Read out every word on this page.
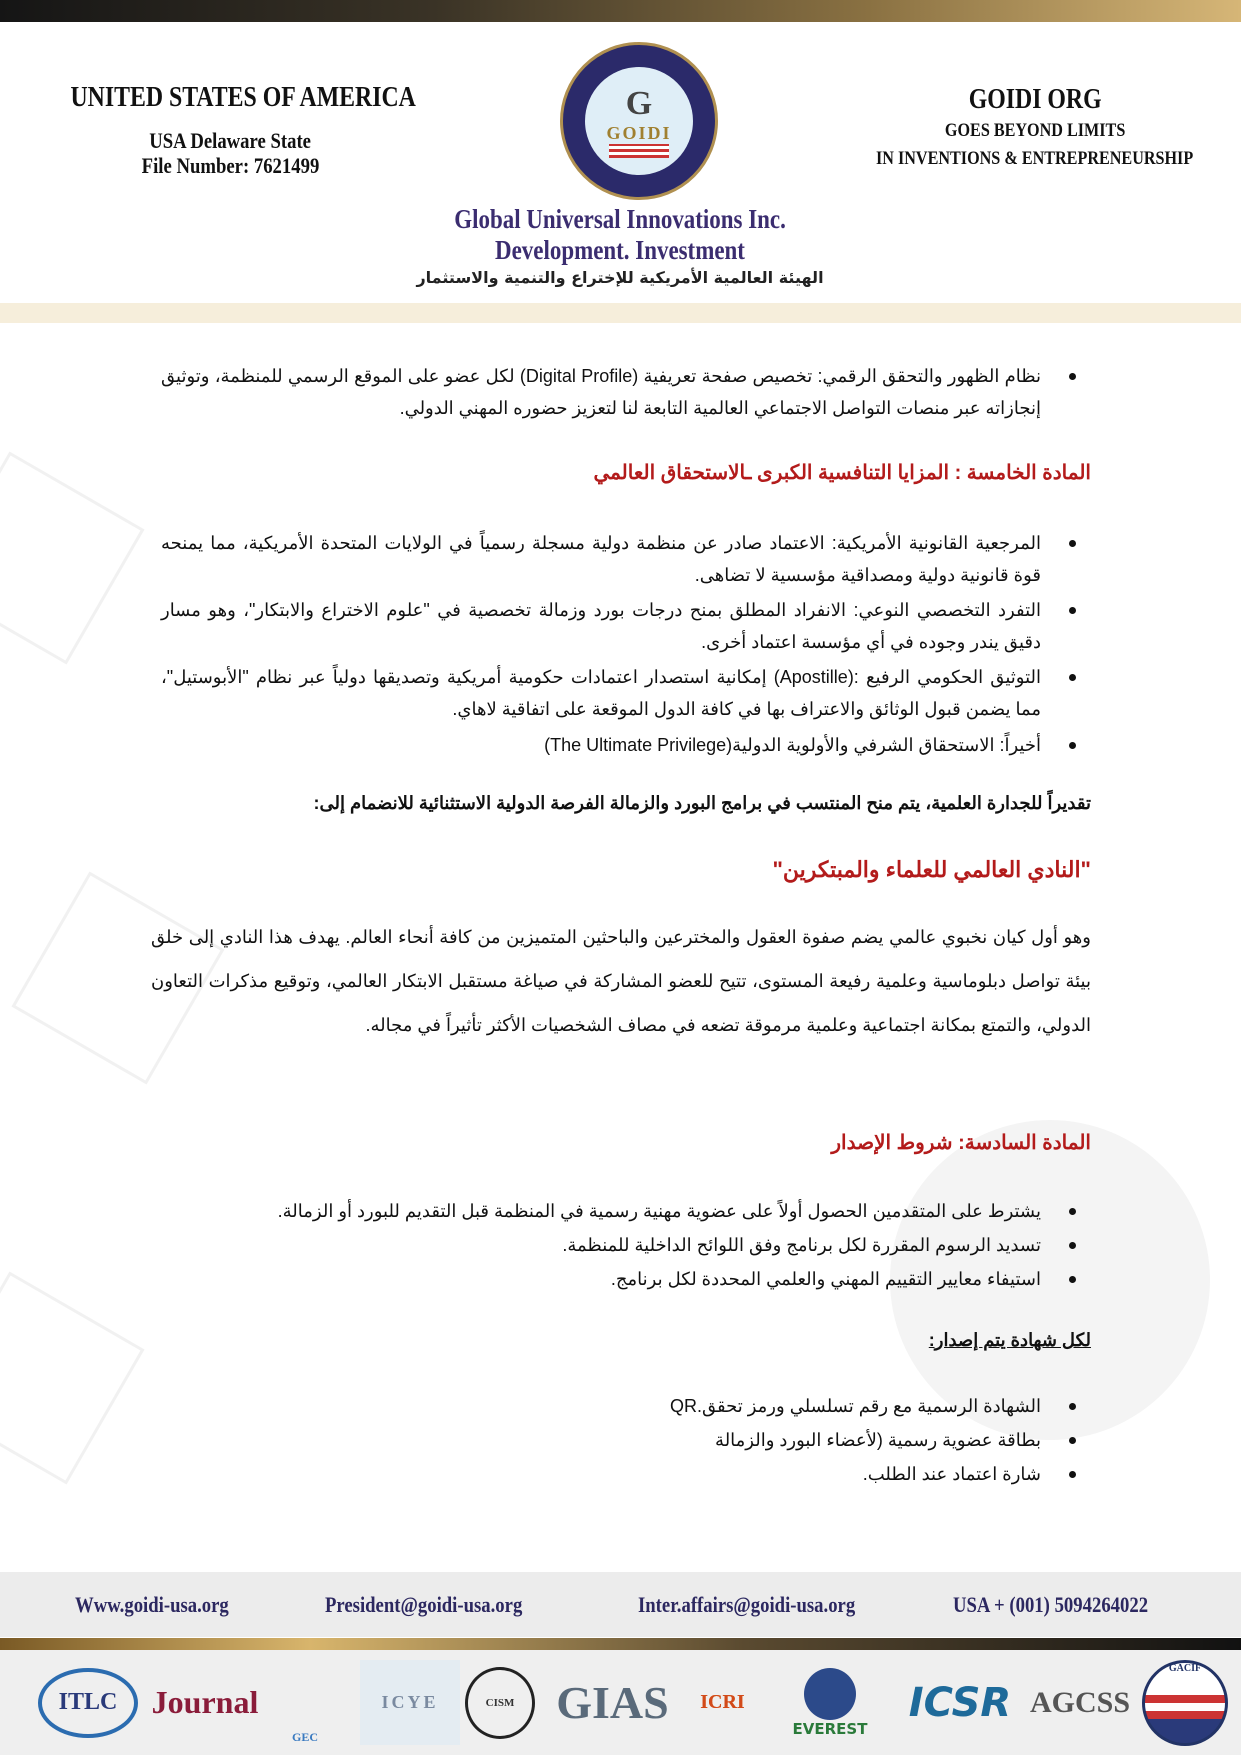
UNITED STATES OF AMERICA
USA Delaware State
File Number: 7621499
G
GOIDI
GOIDI ORG
GOES BEYOND LIMITS
IN INVENTIONS & ENTREPRENEURSHIP
Global Universal Innovations Inc.
Development. Investment
الهيئة العالمية الأمريكية للإختراع والتنمية والاستثمار
نظام الظهور والتحقق الرقمي: تخصيص صفحة تعريفية (Digital Profile) لكل عضو على الموقع الرسمي للمنظمة، وتوثيق إنجازاته عبر منصات التواصل الاجتماعي العالمية التابعة لنا لتعزيز حضوره المهني الدولي.
المادة الخامسة : المزايا التنافسية الكبرى ـالاستحقاق العالمي
المرجعية القانونية الأمريكية: الاعتماد صادر عن منظمة دولية مسجلة رسمياً في الولايات المتحدة الأمريكية، مما يمنحه قوة قانونية دولية ومصداقية مؤسسية لا تضاهى.
التفرد التخصصي النوعي: الانفراد المطلق بمنح درجات بورد وزمالة تخصصية في "علوم الاختراع والابتكار"، وهو مسار دقيق يندر وجوده في أي مؤسسة اعتماد أخرى.
التوثيق الحكومي الرفيع :(Apostille) إمكانية استصدار اعتمادات حكومية أمريكية وتصديقها دولياً عبر نظام "الأبوستيل"، مما يضمن قبول الوثائق والاعتراف بها في كافة الدول الموقعة على اتفاقية لاهاي.
أخيراً: الاستحقاق الشرفي والأولوية الدولية(The Ultimate Privilege)
تقديراً للجدارة العلمية، يتم منح المنتسب في برامج البورد والزمالة الفرصة الدولية الاستثنائية للانضمام إلى:
"النادي العالمي للعلماء والمبتكرين"
وهو أول كيان نخبوي عالمي يضم صفوة العقول والمخترعين والباحثين المتميزين من كافة أنحاء العالم. يهدف هذا النادي إلى خلق بيئة تواصل دبلوماسية وعلمية رفيعة المستوى، تتيح للعضو المشاركة في صياغة مستقبل الابتكار العالمي، وتوقيع مذكرات التعاون الدولي، والتمتع بمكانة اجتماعية وعلمية مرموقة تضعه في مصاف الشخصيات الأكثر تأثيراً في مجاله.
المادة السادسة: شروط الإصدار
يشترط على المتقدمين الحصول أولاً على عضوية مهنية رسمية في المنظمة قبل التقديم للبورد أو الزمالة.
تسديد الرسوم المقررة لكل برنامج وفق اللوائح الداخلية للمنظمة.
استيفاء معايير التقييم المهني والعلمي المحددة لكل برنامج.
لكل شهادة يتم إصدار:
الشهادة الرسمية مع رقم تسلسلي ورمز تحقق.QR
بطاقة عضوية رسمية (لأعضاء البورد والزمالة
شارة اعتماد عند الطلب.
Www.goidi-usa.org	President@goidi-usa.org	Inter.affairs@goidi-usa.org	USA + (001) 5094264022
ITLC	Journal
GEC
ICYE	CISM GIAS	ICRI
EVEREST
ICSR AGCSS
GACIF
